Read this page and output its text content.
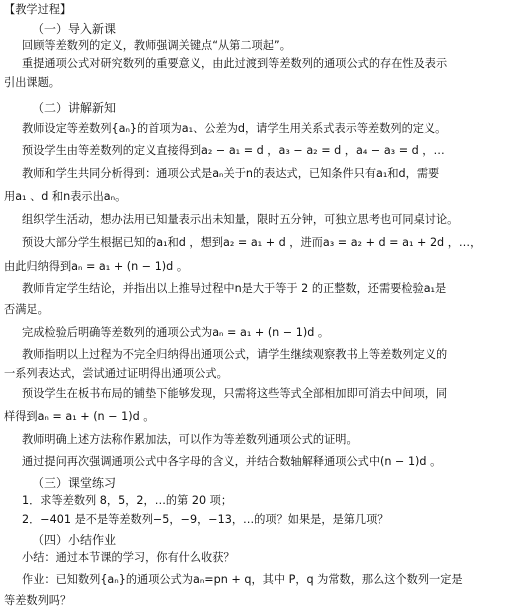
【教学过程】
（一）导入新课
回顾等差数列的定义，教师强调关键点“从第二项起”。
重提通项公式对研究数列的重要意义，由此过渡到等差数列的通项公式的存在性及表示
引出课题。
（二）讲解新知
教师设定等差数列{aₙ}的首项为a₁、公差为d，请学生用关系式表示等差数列的定义。
预设学生由等差数列的定义直接得到a₂ − a₁ = d ，a₃ − a₂ = d ，a₄ − a₃ = d ，…
教师和学生共同分析得到：通项公式是aₙ关于n的表达式，已知条件只有a₁和d，需要
用a₁ 、d 和n表示出aₙ。
组织学生活动，想办法用已知量表示出未知量，限时五分钟，可独立思考也可同桌讨论。
预设大部分学生根据已知的a₁和d ，想到a₂ = a₁ + d ，进而a₃ = a₂ + d = a₁ + 2d ，…，
由此归纳得到aₙ = a₁ + (n − 1)d 。
教师肯定学生结论，并指出以上推导过程中n是大于等于 2 的正整数，还需要检验a₁是
否满足。
完成检验后明确等差数列的通项公式为aₙ = a₁ + (n − 1)d 。
教师指明以上过程为不完全归纳得出通项公式，请学生继续观察教书上等差数列定义的
一系列表达式，尝试通过证明得出通项公式。
预设学生在板书布局的铺垫下能够发现，只需将这些等式全部相加即可消去中间项，同
样得到aₙ = a₁ + (n − 1)d 。
教师明确上述方法称作累加法，可以作为等差数列通项公式的证明。
通过提问再次强调通项公式中各字母的含义，并结合数轴解释通项公式中(n − 1)d 。
（三）课堂练习
1．求等差数列 8，5，2，…的第 20 项；
2．−401 是不是等差数列−5，−9，−13，…的项？如果是，是第几项？
（四）小结作业
小结：通过本节课的学习，你有什么收获？
作业：已知数列{aₙ}的通项公式为aₙ=pn + q，其中 P，q 为常数，那么这个数列一定是
等差数列吗？
